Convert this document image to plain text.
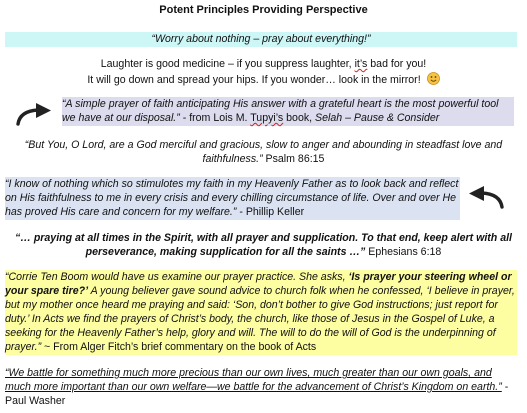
Potent Principles Providing Perspective
“Worry about nothing – pray about everything!”
Laughter is good medicine – if you suppress laughter, it’s bad for you!
It will go down and spread your hips. If you wonder… look in the mirror!
“A simple prayer of faith anticipating His answer with a grateful heart is the most powerful tool we have at our disposal.” - from Lois M. Tupyi’s book, Selah – Pause & Consider
“But You, O Lord, are a God merciful and gracious, slow to anger and abounding in steadfast love and faithfulness.” Psalm 86:15
“I know of nothing which so stimulotes my faith in my Heavenly Father as to look back and reflect on His faithfulness to me in every crisis and every chilling circumstance of life. Over and over He has proved His care and concern for my welfare.” - Phillip Keller
“… praying at all times in the Spirit, with all prayer and supplication. To that end, keep alert with all perseverance, making supplication for all the saints …” Ephesians 6:18
“Corrie Ten Boom would have us examine our prayer practice. She asks, ‘Is prayer your steering wheel or your spare tire?’ A young believer gave sound advice to church folk when he confessed, ‘I believe in prayer, but my mother once heard me praying and said: ‘Son, don’t bother to give God instructions; just report for duty.’ In Acts we find the prayers of Christ’s body, the church, like those of Jesus in the Gospel of Luke, a seeking for the Heavenly Father’s help, glory and will. The will to do the will of God is the underpinning of prayer.” ~ From Alger Fitch’s brief commentary on the book of Acts
“We battle for something much more precious than our own lives, much greater than our own goals, and much more important than our own welfare—we battle for the advancement of Christ’s Kingdom on earth.” - Paul Washer
